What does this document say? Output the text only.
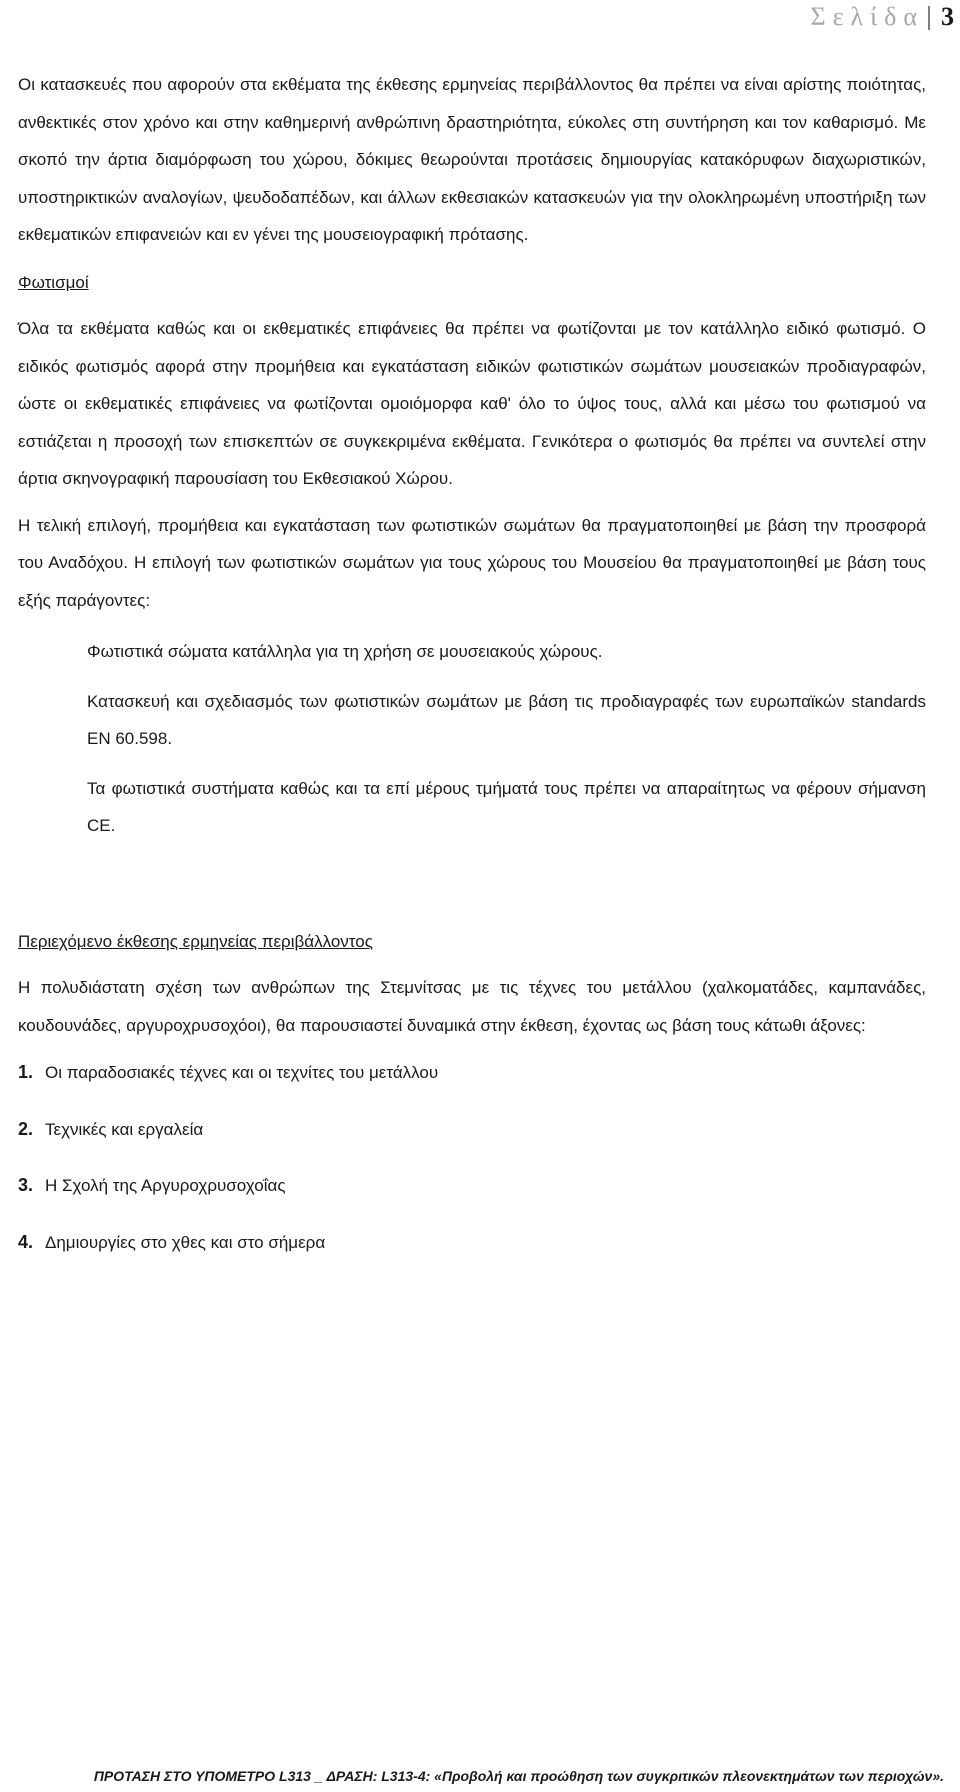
Σελίδα 3

Οι κατασκευές που αφορούν στα εκθέματα της έκθεσης ερμηνείας περιβάλλοντος θα πρέπει να είναι αρίστης ποιότητας, ανθεκτικές στον χρόνο και στην καθημερινή ανθρώπινη δραστηριότητα, εύκολες στη συντήρηση και τον καθαρισμό. Με σκοπό την άρτια διαμόρφωση του χώρου, δόκιμες θεωρούνται προτάσεις δημιουργίας κατακόρυφων διαχωριστικών, υποστηρικτικών αναλογίων, ψευδοδαπέδων, και άλλων εκθεσιακών κατασκευών για την ολοκληρωμένη υποστήριξη των εκθεματικών επιφανειών και εν γένει της μουσειογραφική πρότασης.

Φωτισμοί

Όλα τα εκθέματα καθώς και οι εκθεματικές επιφάνειες θα πρέπει να φωτίζονται με τον κατάλληλο ειδικό φωτισμό. Ο ειδικός φωτισμός αφορά στην προμήθεια και εγκατάσταση ειδικών φωτιστικών σωμάτων μουσειακών προδιαγραφών, ώστε οι εκθεματικές επιφάνειες να φωτίζονται ομοιόμορφα καθ' όλο το ύψος τους, αλλά και μέσω του φωτισμού να εστιάζεται η προσοχή των επισκεπτών σε συγκεκριμένα εκθέματα. Γενικότερα ο φωτισμός θα πρέπει να συντελεί στην άρτια σκηνογραφική παρουσίαση του Εκθεσιακού Χώρου.

Η τελική επιλογή, προμήθεια και εγκατάσταση των φωτιστικών σωμάτων θα πραγματοποιηθεί με βάση την προσφορά του Αναδόχου. Η επιλογή των φωτιστικών σωμάτων για τους χώρους του Μουσείου θα πραγματοποιηθεί με βάση τους εξής παράγοντες:

Φωτιστικά σώματα κατάλληλα για τη χρήση σε μουσειακούς χώρους.
Κατασκευή και σχεδιασμός των φωτιστικών σωμάτων με βάση τις προδιαγραφές των ευρωπαϊκών standards EN 60.598.
Τα φωτιστικά συστήματα καθώς και τα επί μέρους τμήματά τους πρέπει να απαραίτητως να φέρουν σήμανση CE.
Περιεχόμενο έκθεσης ερμηνείας περιβάλλοντος

Η πολυδιάστατη σχέση των ανθρώπων της Στεμνίτσας με τις τέχνες του μετάλλου (χαλκοματάδες, καμπανάδες, κουδουνάδες, αργυροχρυσοχόοι), θα παρουσιαστεί δυναμικά στην έκθεση, έχοντας ως βάση τους κάτωθι άξονες:

1. Οι παραδοσιακές τέχνες και οι τεχνίτες του μετάλλου
2. Τεχνικές και εργαλεία
3. Η Σχολή της Αργυροχρυσοχοΐας
4. Δημιουργίες στο χθες και στο σήμερα
ΠΡΟΤΑΣΗ ΣΤΟ ΥΠΟΜΕΤΡΟ L313 _ ΔΡΑΣΗ: L313-4: «Προβολή και προώθηση των συγκριτικών πλεονεκτημάτων των περιοχών».
